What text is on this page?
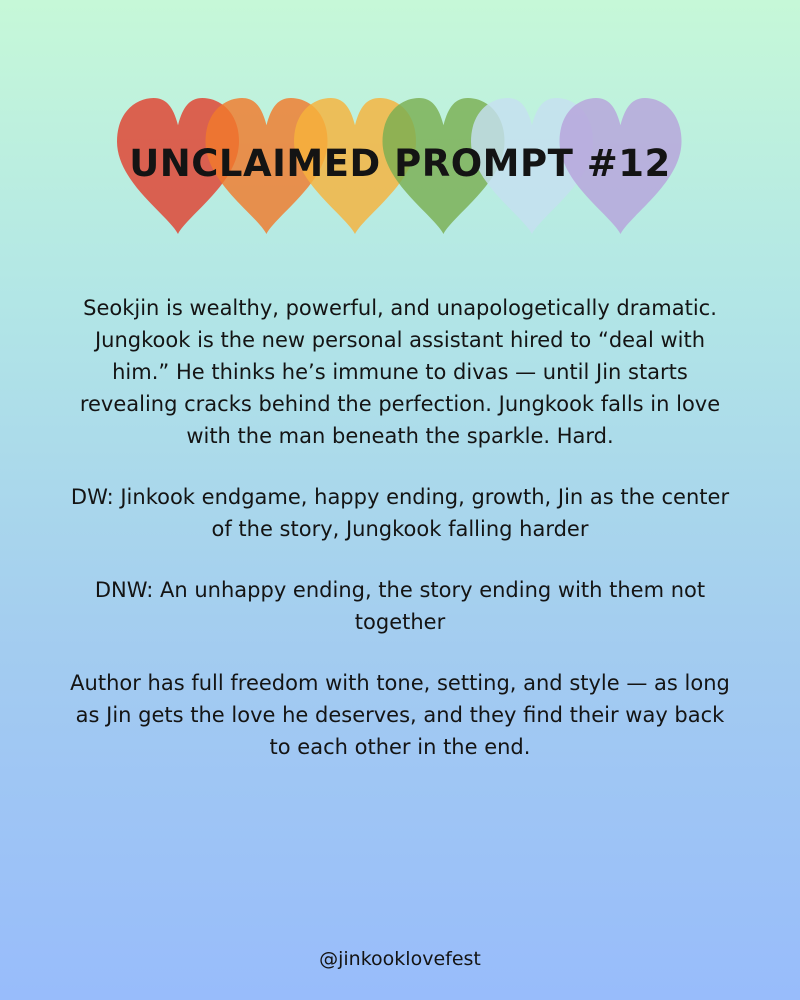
UNCLAIMED PROMPT #12

Seokjin is wealthy, powerful, and unapologetically dramatic. Jungkook is the new personal assistant hired to “deal with him.” He thinks he’s immune to divas — until Jin starts revealing cracks behind the perfection. Jungkook falls in love with the man beneath the sparkle. Hard.

DW: Jinkook endgame, happy ending, growth, Jin as the center of the story, Jungkook falling harder

DNW: An unhappy ending, the story ending with them not together

Author has full freedom with tone, setting, and style — as long as Jin gets the love he deserves, and they find their way back to each other in the end.

@jinkooklovefest
